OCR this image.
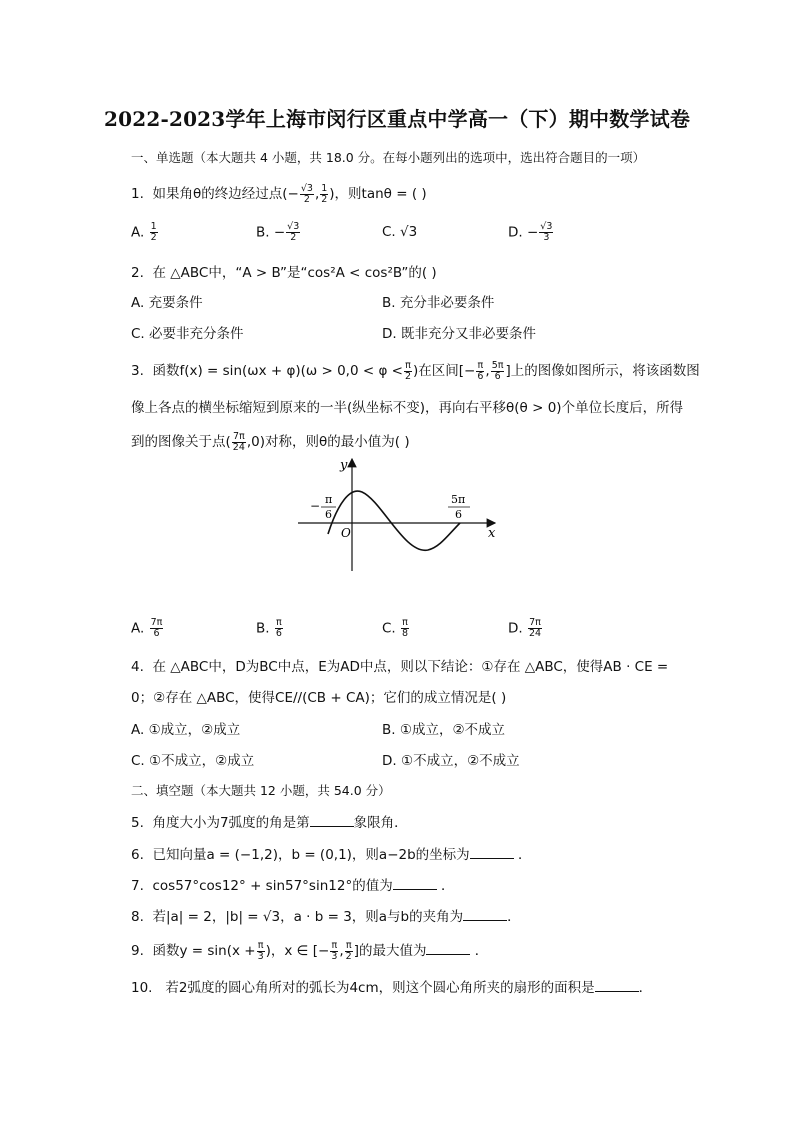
2022-2023学年上海市闵行区重点中学高一（下）期中数学试卷
一、单选题（本大题共 4 小题，共 18.0 分。在每小题列出的选项中，选出符合题目的一项）
1. 如果角θ的终边经过点(− $\frac{√3}{2}$ , $\frac{1}{2}$ )，则tanθ = ( )
A. $\frac{1}{2}$	B. − $\frac{√3}{2}$	C. √3	D. − $\frac{√3}{3}$
2. 在 △ABC中，“A > B”是“cos²A < cos²B”的( )
A. 充要条件	B. 充分非必要条件
C. 必要非充分条件	D. 既非充分又非必要条件
3. 函数$f(x) = \sin(\omega x + \varphi)(\omega > 0,0 < \varphi < \frac{\pi}{2}$ )在区间[− $\frac{\pi}{6}$ , $\frac{5\pi}{6}$ ]上的图像如图所示，将该函数图
像上各点的横坐标缩短到原来的一半(纵坐标不变)，再向右平移θ(θ > 0)个单位长度后，所得
到的图像关于点( $\frac{7\pi}{24} ,0$)对称，则θ的最小值为( )
y
x
O
− π
6
5π
6
A. $\frac{7\pi}{6}$	B. $\frac{\pi}{6}$	C. $\frac{\pi}{8}$	D. $\frac{7\pi}{24}$
4. 在 △ABC中，D为BC中点，E为AD中点，则以下结论：①存在 △ABC，使得AB · CE =
0；②存在 △ABC，使得CE//(CB + CA)；它们的成立情况是( )
A. ①成立，②成立	B. ①成立，②不成立
C. ①不成立，②成立	D. ①不成立，②不成立
二、填空题（本大题共 12 小题，共 54.0 分）
5. 角度大小为7弧度的角是第	象限角．
6. 已知向量a = (−1,2)，b = (0,1)，则a−2b的坐标为	．
7. cos57°cos12° + sin57°sin12°的值为	．
8. 若|a| = 2，|b| = √3，a · b = 3，则a与b的夹角为	．
9. 函数$y = \sin(x + \frac{\pi}{3}$ )，x ∈ [− $\frac{\pi}{3}$ , $\frac{\pi}{2}$ ]的最大值为	．
10. 若2弧度的圆心角所对的弧长为4cm，则这个圆心角所夹的扇形的面积是	．
